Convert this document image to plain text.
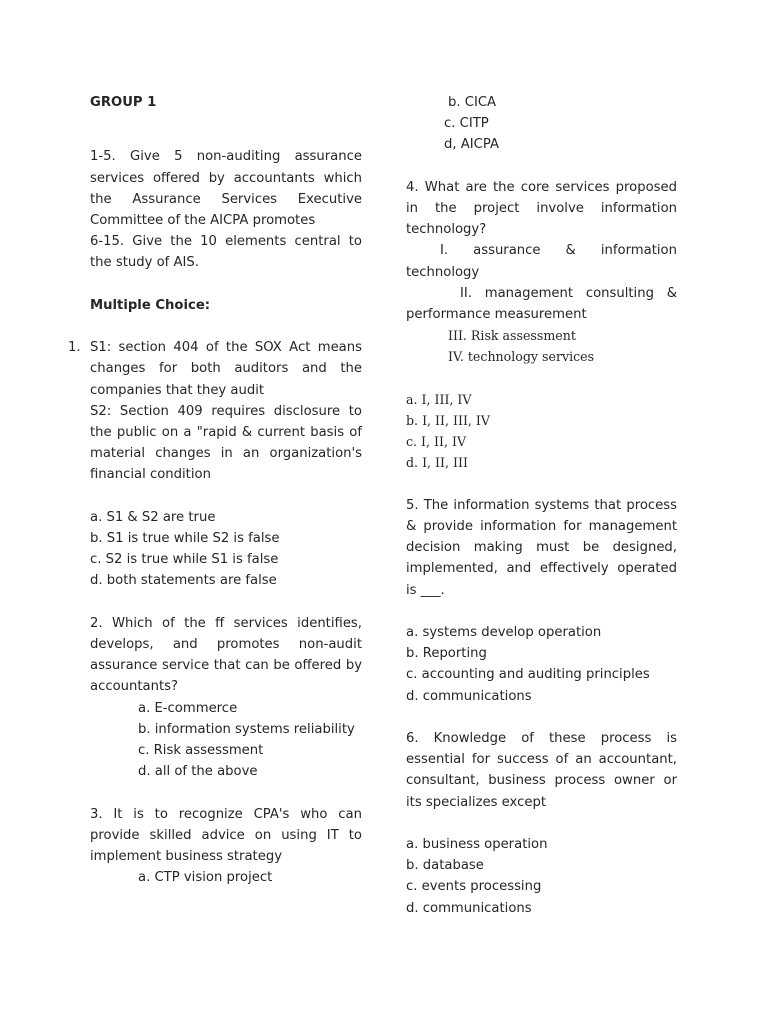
GROUP 1
1-5. Give 5 non-auditing assurance services offered by accountants which the Assurance Services Executive Committee of the AICPA promotes
6-15. Give the 10 elements central to the study of AIS.
Multiple Choice:
1. S1: section 404 of the SOX Act means changes for both auditors and the companies that they audit
S2: Section 409 requires disclosure to the public on a "rapid & current basis of material changes in an organization's financial condition
a. S1 & S2 are true
b. S1 is true while S2 is false
c. S2 is true while S1 is false
d. both statements are false
2. Which of the ff services identifies, develops, and promotes non-audit assurance service that can be offered by accountants?
a. E-commerce
b. information systems reliability
c. Risk assessment
d. all of the above
3. It is to recognize CPA's who can provide skilled advice on using IT to implement business strategy
a. CTP vision project
b. CICA
c. CITP
d, AICPA
4. What are the core services proposed in the project involve information technology?
I. assurance & information technology
II. management consulting & performance measurement
III. Risk assessment
IV. technology services
a. I, III, IV
b. I, II, III, IV
c. I, II, IV
d. I, II, III
5. The information systems that process & provide information for management decision making must be designed, implemented, and effectively operated is ___.
a. systems develop operation
b. Reporting
c. accounting and auditing principles
d. communications
6. Knowledge of these process is essential for success of an accountant, consultant, business process owner or its specializes except
a. business operation
b. database
c. events processing
d. communications
